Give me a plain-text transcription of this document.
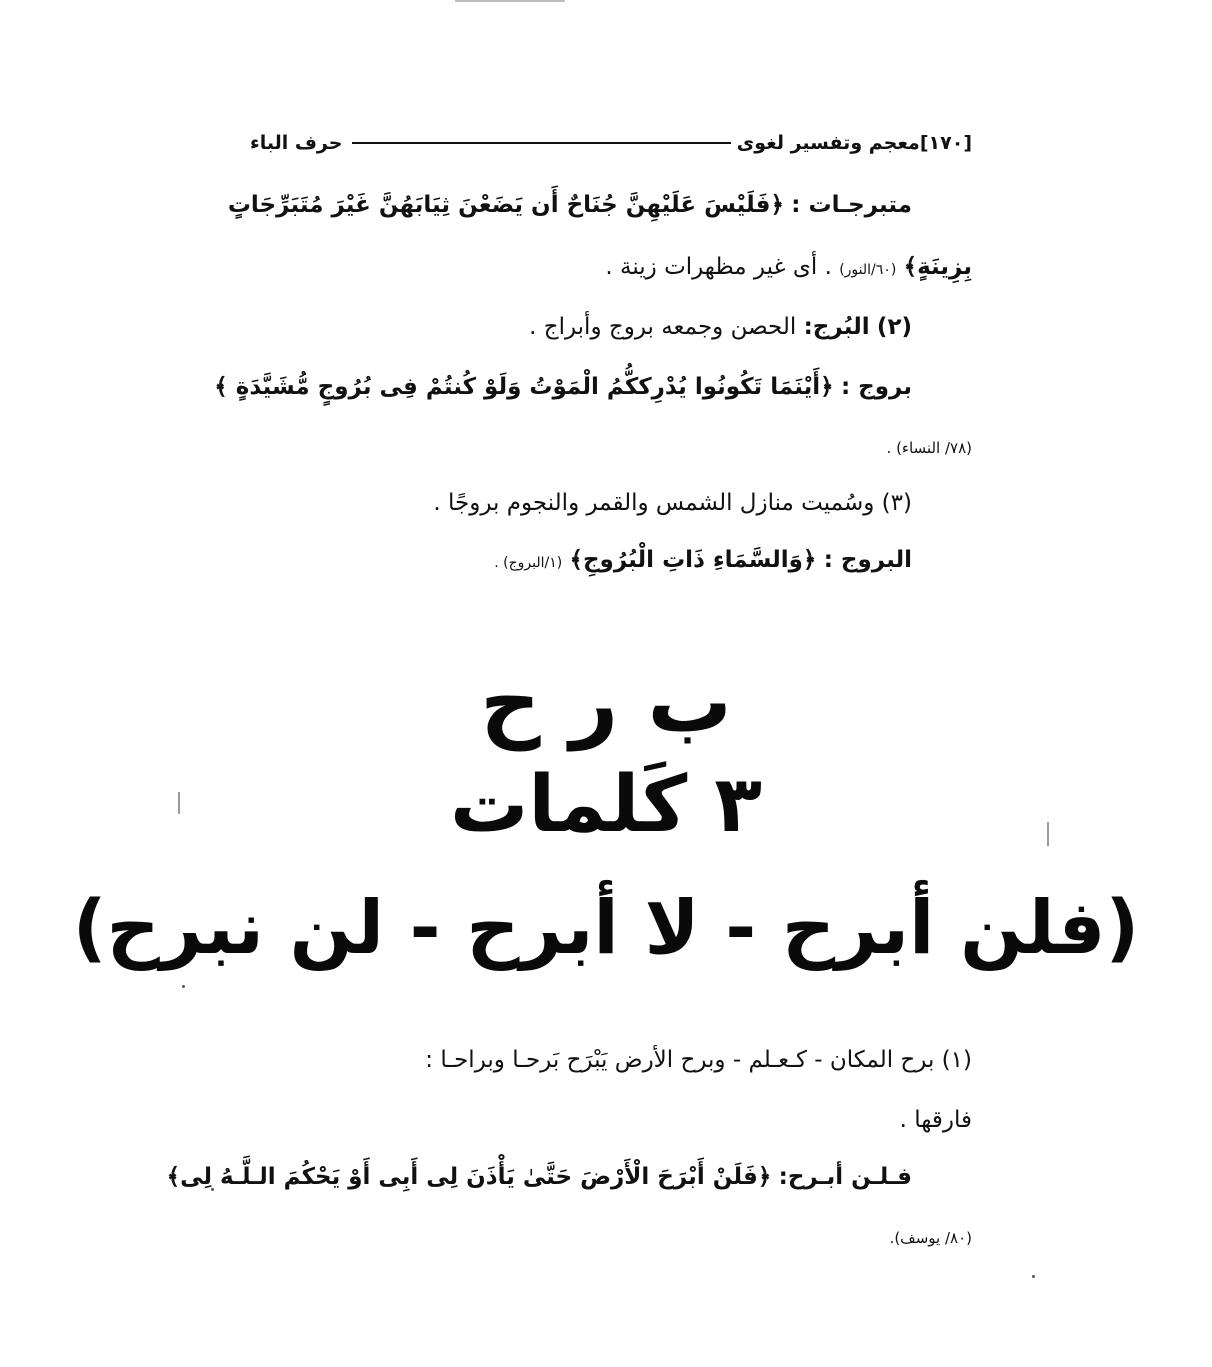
[١٧٠]
معجم وتفسير لغوى
حرف الباء
متبرجـات : ﴿فَلَيْسَ عَلَيْهِنَّ جُنَاحٌ أَن يَضَعْنَ ثِيَابَهُنَّ غَيْرَ مُتَبَرِّجَاتٍ
بِزِينَةٍ﴾ (٦٠/النور) . أى غير مظهرات زينة .
(٢) البُرج: الحصن وجمعه بروج وأبراج .
بروج : ﴿أَيْنَمَا تَكُونُوا يُدْرِككُّمُ الْمَوْتُ وَلَوْ كُنتُمْ فِى بُرُوجٍ مُّشَيَّدَةٍ ﴾
(٧٨/ النساء) .
(٣) وسُميت منازل الشمس والقمر والنجوم بروجًا .
البروج : ﴿وَالسَّمَاءِ ذَاتِ الْبُرُوجِ﴾ (١/البروج) .
ب ر ح
٣ كَلمات
(فلن أبرح - لا أبرح - لن نبرح)
(١) برح المكان - كـعـلم - وبرح الأرض يَبْرَح بَرحـا وبراحـا :
فارقها .
فـلـن أبـرح: ﴿فَلَنْ أَبْرَحَ الْأَرْضَ حَتَّىٰ يَأْذَنَ لِى أَبِى أَوْ يَحْكُمَ الـلَّـهُ لِى﴾
(٨٠/ يوسف).
